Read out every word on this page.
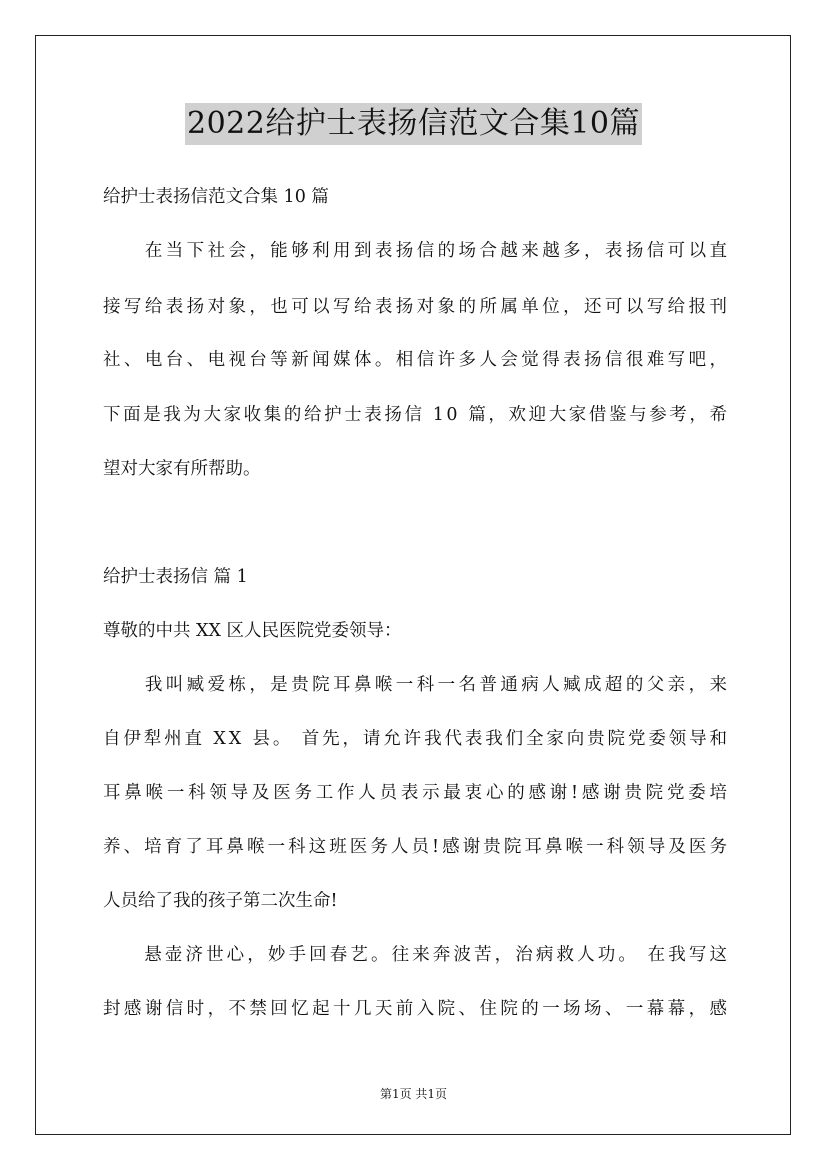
2022给护士表扬信范文合集10篇
给护士表扬信范文合集 10 篇
　　在当下社会，能够利用到表扬信的场合越来越多，表扬信可以直
接写给表扬对象，也可以写给表扬对象的所属单位，还可以写给报刊
社、电台、电视台等新闻媒体。相信许多人会觉得表扬信很难写吧，
下面是我为大家收集的给护士表扬信 10 篇，欢迎大家借鉴与参考，希
望对大家有所帮助。
给护士表扬信 篇 1
尊敬的中共 XX 区人民医院党委领导：
　　我叫臧爱栋，是贵院耳鼻喉一科一名普通病人臧成超的父亲，来
自伊犁州直 XX 县。 首先，请允许我代表我们全家向贵院党委领导和
耳鼻喉一科领导及医务工作人员表示最衷心的感谢!感谢贵院党委培
养、培育了耳鼻喉一科这班医务人员!感谢贵院耳鼻喉一科领导及医务
人员给了我的孩子第二次生命!
　　悬壶济世心，妙手回春艺。往来奔波苦，治病救人功。 在我写这
封感谢信时，不禁回忆起十几天前入院、住院的一场场、一幕幕，感
第1页 共1页
